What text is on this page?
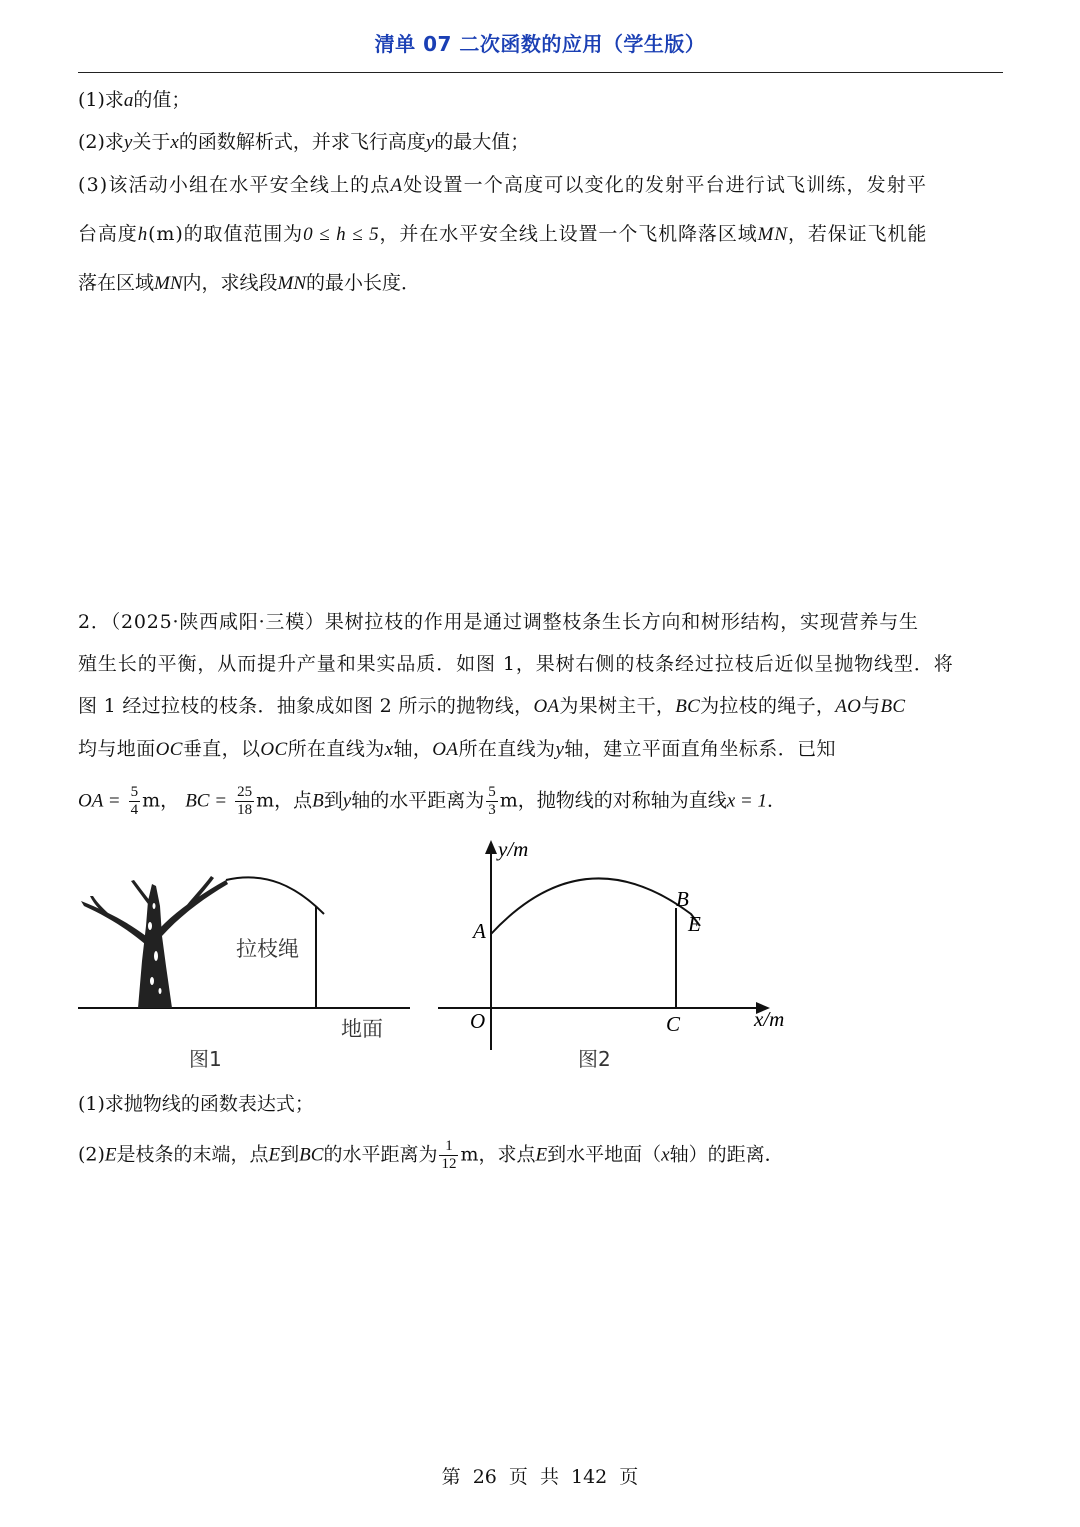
清单 07 二次函数的应用（学生版）
(1)求a的值；
(2)求y关于x的函数解析式，并求飞行高度y的最大值；
(3)该活动小组在水平安全线上的点A处设置一个高度可以变化的发射平台进行试飞训练，发射平
台高度h(m)的取值范围为0 ≤ h ≤ 5，并在水平安全线上设置一个飞机降落区域MN，若保证飞机能
落在区域MN内，求线段MN的最小长度．
2．（2025·陕西咸阳·三模）果树拉枝的作用是通过调整枝条生长方向和树形结构，实现营养与生
殖生长的平衡，从而提升产量和果实品质．如图 1，果树右侧的枝条经过拉枝后近似呈抛物线型．将
图 1 经过拉枝的枝条．抽象成如图 2 所示的抛物线，OA为果树主干，BC为拉枝的绳子，AO与BC
均与地面OC垂直，以OC所在直线为x轴，OA所在直线为y轴，建立平面直角坐标系．已知
OA = $\frac{5}{4}$ m， BC = $\frac{25}{18}$ m，点B到y轴的水平距离为 $\frac{5}{3}$ m，抛物线的对称轴为直线x = 1．
拉枝绳
地面
图1
y/m
x/m
A
B
E
O	C
图2
(1)求抛物线的函数表达式；
(2)E是枝条的末端，点E到BC的水平距离为 $\frac{1}{12}$ m，求点E到水平地面（x轴）的距离．
第 26 页 共 142 页
